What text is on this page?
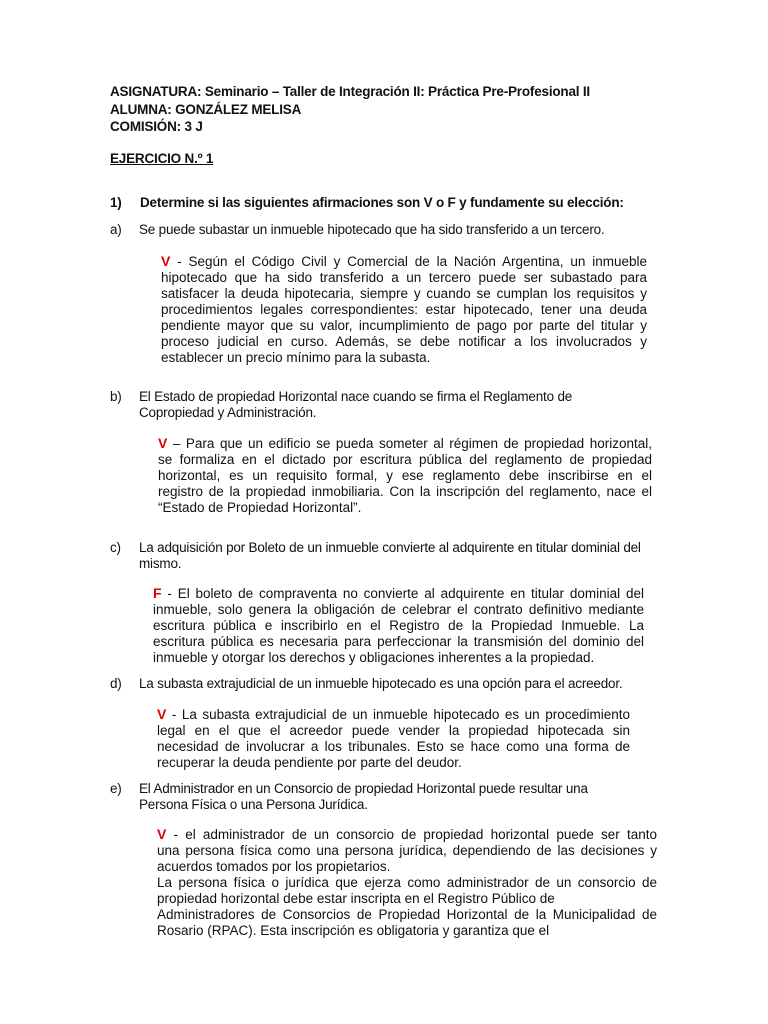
ASIGNATURA: Seminario – Taller de Integración II: Práctica Pre-Profesional II
ALUMNA: GONZÁLEZ MELISA
COMISIÓN: 3 J
EJERCICIO N.º 1
1) Determine si las siguientes afirmaciones son V o F y fundamente su elección:
a)	Se puede subastar un inmueble hipotecado que ha sido transferido a un tercero.
V - Según el Código Civil y Comercial de la Nación Argentina, un inmueble
hipotecado que ha sido transferido a un tercero puede ser subastado para
satisfacer la deuda hipotecaria, siempre y cuando se cumplan los requisitos y
procedimientos legales correspondientes: estar hipotecado, tener una deuda
pendiente mayor que su valor, incumplimiento de pago por parte del titular y
proceso judicial en curso. Además, se debe notificar a los involucrados y
establecer un precio mínimo para la subasta.
b)	El Estado de propiedad Horizontal nace cuando se firma el Reglamento de Copropiedad y Administración.
V – Para que un edificio se pueda someter al régimen de propiedad horizontal,
se formaliza en el dictado por escritura pública del reglamento de propiedad
horizontal, es un requisito formal, y ese reglamento debe inscribirse en el
registro de la propiedad inmobiliaria. Con la inscripción del reglamento, nace el
“Estado de Propiedad Horizontal”.
c)	La adquisición por Boleto de un inmueble convierte al adquirente en titular dominial del mismo.
F - El boleto de compraventa no convierte al adquirente en titular dominial del
inmueble, solo genera la obligación de celebrar el contrato definitivo mediante
escritura pública e inscribirlo en el Registro de la Propiedad Inmueble. La
escritura pública es necesaria para perfeccionar la transmisión del dominio del
inmueble y otorgar los derechos y obligaciones inherentes a la propiedad.
d)	La subasta extrajudicial de un inmueble hipotecado es una opción para el acreedor.
V - La subasta extrajudicial de un inmueble hipotecado es un procedimiento
legal en el que el acreedor puede vender la propiedad hipotecada sin
necesidad de involucrar a los tribunales. Esto se hace como una forma de
recuperar la deuda pendiente por parte del deudor.
e)	El Administrador en un Consorcio de propiedad Horizontal puede resultar una Persona Física o una Persona Jurídica.
V - el administrador de un consorcio de propiedad horizontal puede ser tanto
una persona física como una persona jurídica, dependiendo de las decisiones y
acuerdos tomados por los propietarios.
La persona física o jurídica que ejerza como administrador de un consorcio de
propiedad horizontal debe estar inscripta en el Registro Público de
Administradores de Consorcios de Propiedad Horizontal de la Municipalidad de
Rosario (RPAC). Esta inscripción es obligatoria y garantiza que el
